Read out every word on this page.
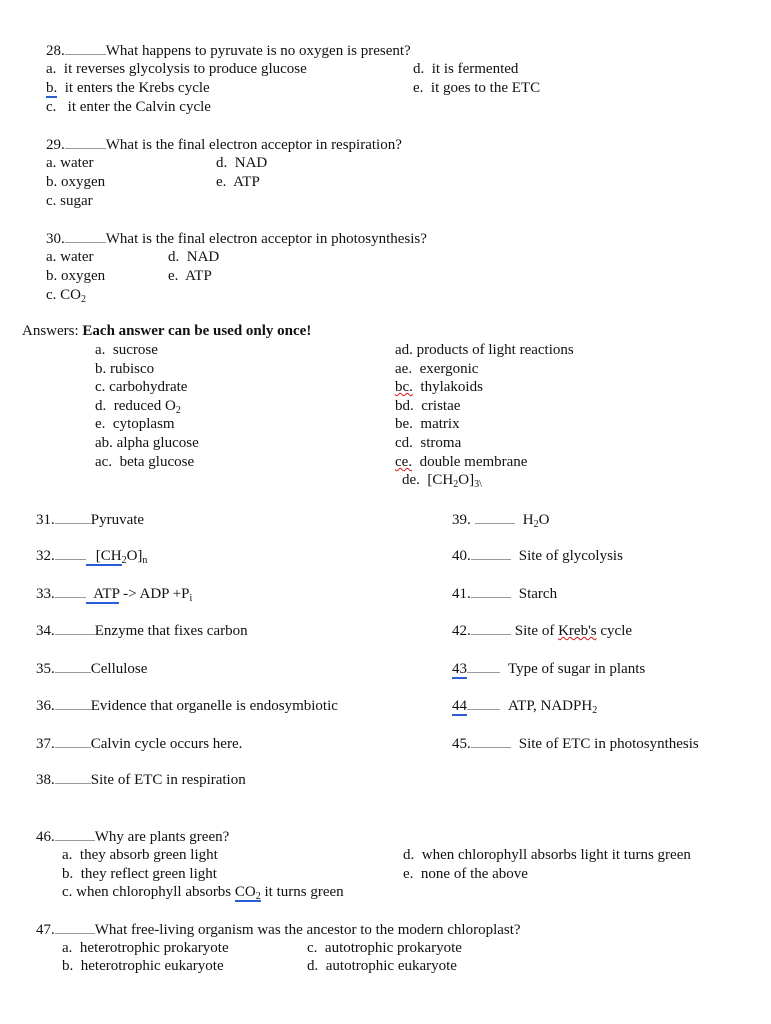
28.	What happens to pyruvate is no oxygen is present?
a. it reverses glycolysis to produce glucose
b. it enters the Krebs cycle
c. it enter the Calvin cycle
d. it is fermented
e. it goes to the ETC
29.	What is the final electron acceptor in respiration?
a. water
b. oxygen
c. sugar
d. NAD
e. ATP
30.	What is the final electron acceptor in photosynthesis?
a. water
b. oxygen
c. $CO_2$
d. NAD
e. ATP
Answers: Each answer can be used only once!
a. sucrose
b. rubisco
c. carbohydrate
d. reduced $O_2$
e. cytoplasm
ab. alpha glucose
ac. beta glucose
ad. products of light reactions
ae. exergonic
bc. thylakoids
bd. cristae
be. matrix
cd. stroma
ce. double membrane
de. $[CH_2O]_{3\backslash}$
31. Pyruvate
32.	$[CH_2O]_n$
33.	ATP -> ADP $+P_i$
34.	Enzyme that fixes carbon
35. Cellulose
36. Evidence that organelle is endosymbiotic
37. Calvin cycle occurs here.
38. Site of ETC in respiration
39.	$H_2O$
40.	Site of glycolysis
41.	Starch
42.	Site of Kreb's cycle
43	Type of sugar in plants
44	ATP, $NADPH_2$
45.	Site of ETC in photosynthesis
46.	Why are plants green?
a. they absorb green light
b. they reflect green light
c. when chlorophyll absorbs $CO_2$ it turns green
d. when chlorophyll absorbs light it turns green
e. none of the above
47.	What free-living organism was the ancestor to the modern chloroplast?
a. heterotrophic prokaryote
b. heterotrophic eukaryote
c. autotrophic prokaryote
d. autotrophic eukaryote
